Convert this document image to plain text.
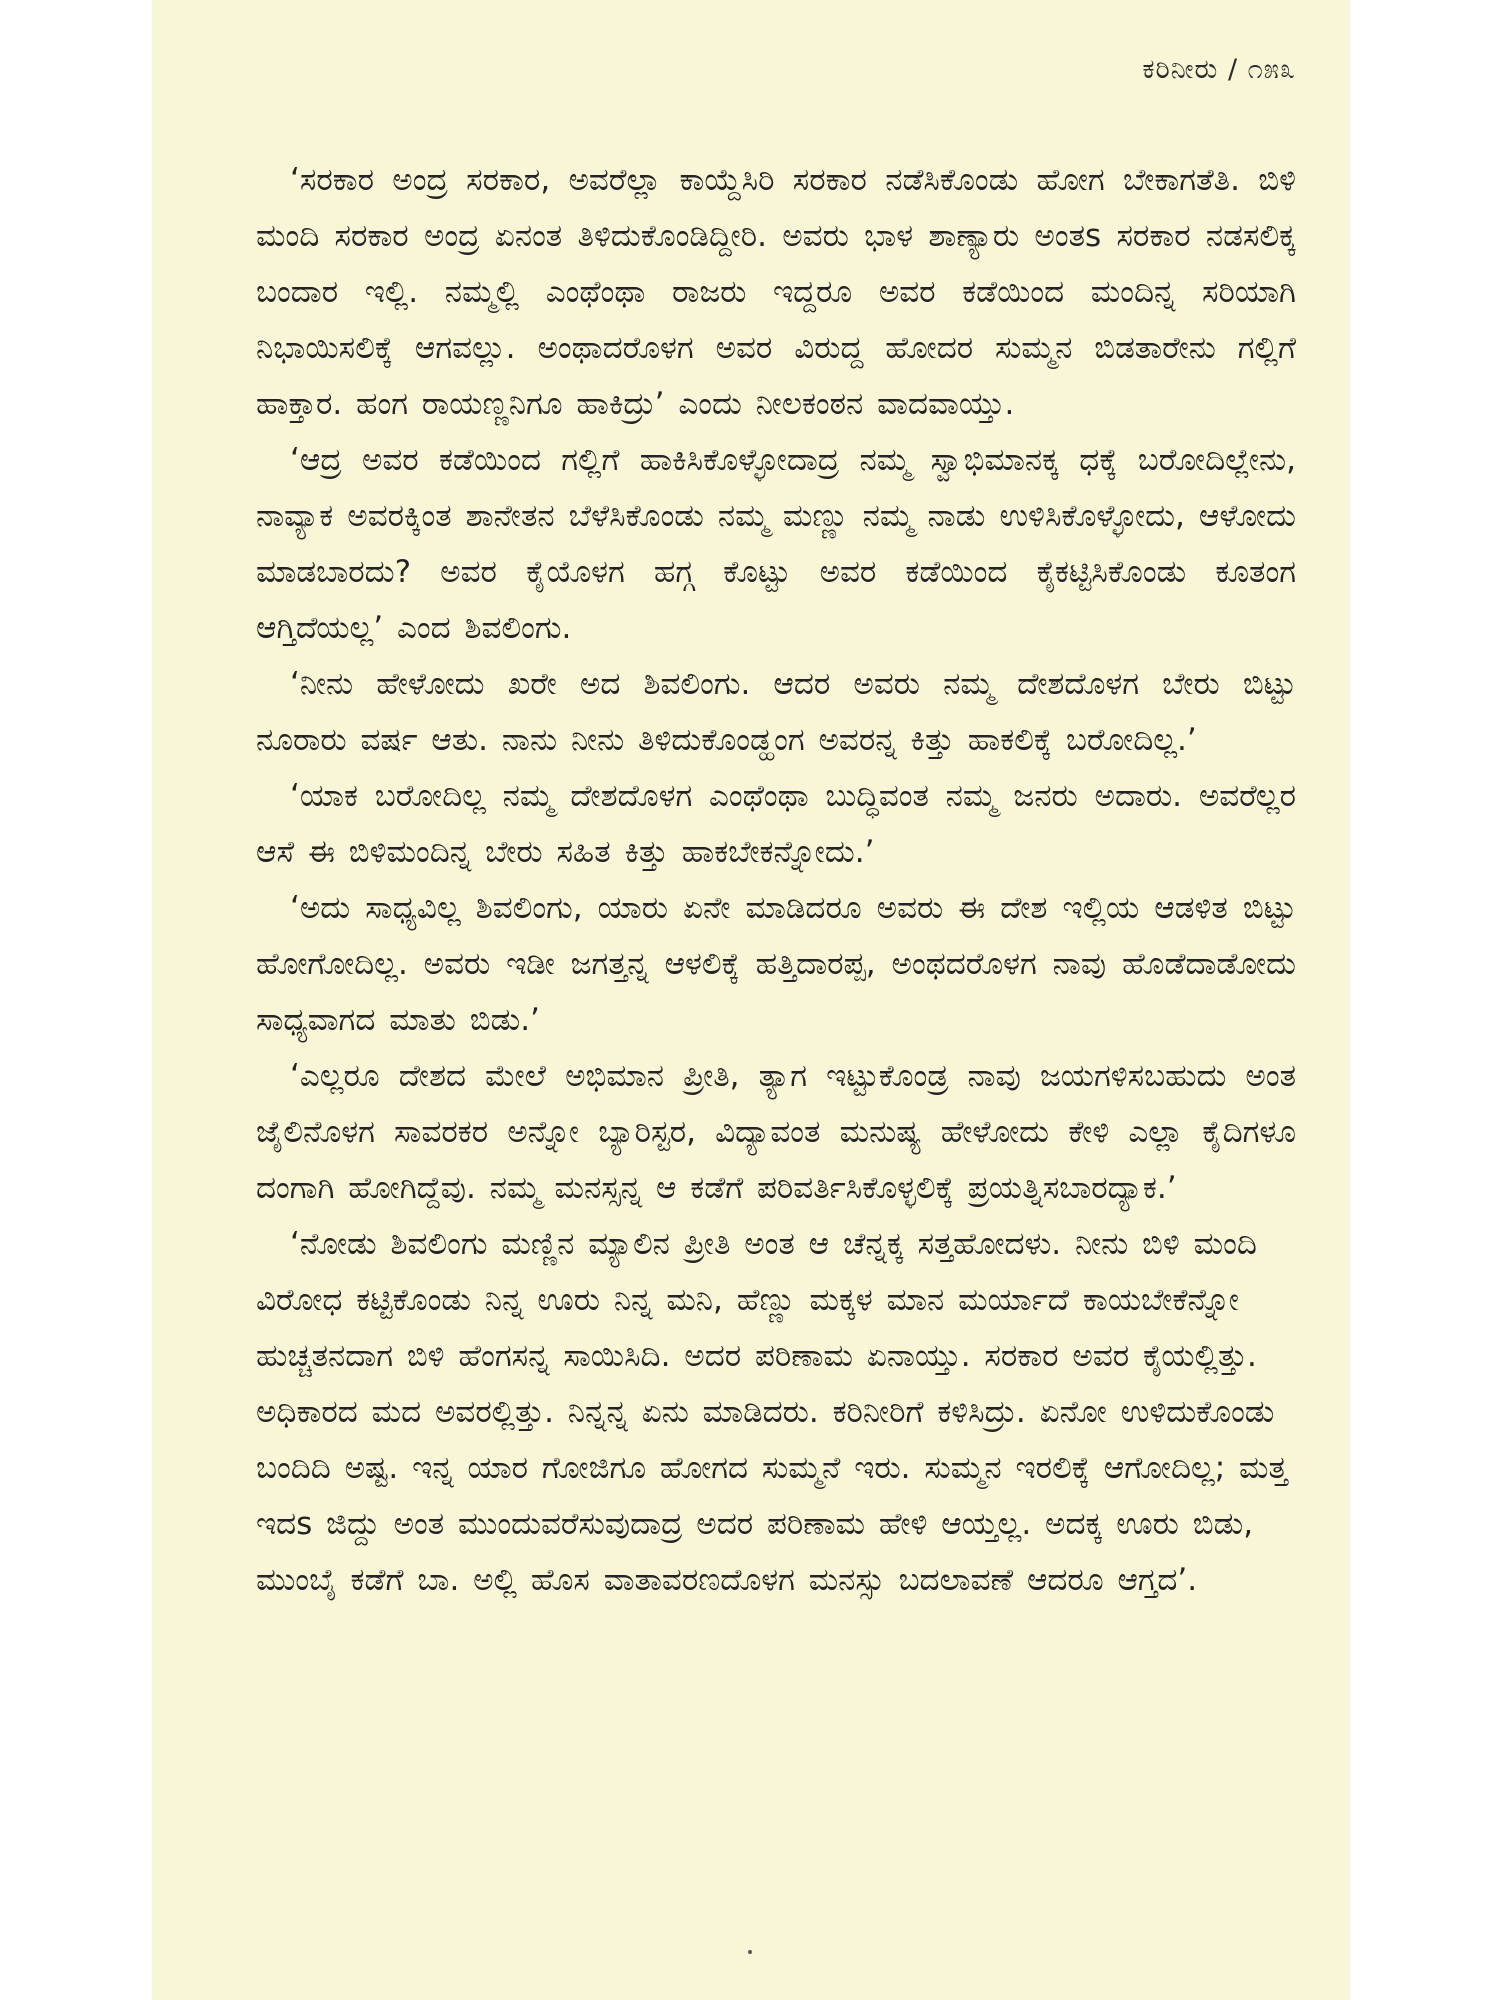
ಕರಿನೀರು / ೧೫೩

‘ಸರಕಾರ ಅಂದ್ರ ಸರಕಾರ, ಅವರೆಲ್ಲಾ ಕಾಯ್ದೆಸಿರಿ ಸರಕಾರ ನಡೆಸಿಕೊಂಡು ಹೋಗ ಬೇಕಾಗತೆತಿ. ಬಿಳಿ ಮಂದಿ ಸರಕಾರ ಅಂದ್ರ ಏನಂತ ತಿಳಿದುಕೊಂಡಿದ್ದೀರಿ. ಅವರು ಭಾಳ ಶಾಣ್ಯಾರು ಅಂತs ಸರಕಾರ ನಡಸಲಿಕ್ಕ ಬಂದಾರ ಇಲ್ಲಿ. ನಮ್ಮಲ್ಲಿ ಎಂಥೆಂಥಾ ರಾಜರು ಇದ್ದರೂ ಅವರ ಕಡೆಯಿಂದ ಮಂದಿನ್ನ ಸರಿಯಾಗಿ ನಿಭಾಯಿಸಲಿಕ್ಕೆ ಆಗವಲ್ಲು. ಅಂಥಾದರೊಳಗ ಅವರ ವಿರುದ್ದ ಹೋದರ ಸುಮ್ಮನ ಬಿಡತಾರೇನು ಗಲ್ಲಿಗೆ ಹಾಕ್ತಾರ. ಹಂಗ ರಾಯಣ್ಣನಿಗೂ ಹಾಕಿದ್ರು’ ಎಂದು ನೀಲಕಂಠನ ವಾದವಾಯ್ತು.

‘ಆದ್ರ ಅವರ ಕಡೆಯಿಂದ ಗಲ್ಲಿಗೆ ಹಾಕಿಸಿಕೊಳ್ಳೋದಾದ್ರ ನಮ್ಮ ಸ್ವಾಭಿಮಾನಕ್ಕ ಧಕ್ಕೆ ಬರೋದಿಲ್ಲೇನು, ನಾವ್ಯಾಕ ಅವರಕ್ಕಿಂತ ಶಾನೇತನ ಬೆಳೆಸಿಕೊಂಡು ನಮ್ಮ ಮಣ್ಣು ನಮ್ಮ ನಾಡು ಉಳಿಸಿಕೊಳ್ಳೋದು, ಆಳೋದು ಮಾಡಬಾರದು? ಅವರ ಕೈಯೊಳಗ ಹಗ್ಗ ಕೊಟ್ಟು ಅವರ ಕಡೆಯಿಂದ ಕೈಕಟ್ಟಿಸಿಕೊಂಡು ಕೂತಂಗ ಆಗ್ತಿದೆಯಲ್ಲ’ ಎಂದ ಶಿವಲಿಂಗು.

‘ನೀನು ಹೇಳೋದು ಖರೇ ಅದ ಶಿವಲಿಂಗು. ಆದರ ಅವರು ನಮ್ಮ ದೇಶದೊಳಗ ಬೇರು ಬಿಟ್ಟು ನೂರಾರು ವರ್ಷ ಆತು. ನಾನು ನೀನು ತಿಳಿದುಕೊಂಡ್ಹಂಗ ಅವರನ್ನ ಕಿತ್ತು ಹಾಕಲಿಕ್ಕೆ ಬರೋದಿಲ್ಲ.’

‘ಯಾಕ ಬರೋದಿಲ್ಲ ನಮ್ಮ ದೇಶದೊಳಗ ಎಂಥೆಂಥಾ ಬುದ್ಧಿವಂತ ನಮ್ಮ ಜನರು ಅದಾರು. ಅವರೆಲ್ಲರ ಆಸೆ ಈ ಬಿಳಿಮಂದಿನ್ನ ಬೇರು ಸಹಿತ ಕಿತ್ತು ಹಾಕಬೇಕನ್ನೋದು.’

‘ಅದು ಸಾಧ್ಯವಿಲ್ಲ ಶಿವಲಿಂಗು, ಯಾರು ಏನೇ ಮಾಡಿದರೂ ಅವರು ಈ ದೇಶ ಇಲ್ಲಿಯ ಆಡಳಿತ ಬಿಟ್ಟು ಹೋಗೋದಿಲ್ಲ. ಅವರು ಇಡೀ ಜಗತ್ತನ್ನ ಆಳಲಿಕ್ಕೆ ಹತ್ತಿದಾರಪ್ಪ, ಅಂಥದರೊಳಗ ನಾವು ಹೊಡೆದಾಡೋದು ಸಾಧ್ಯವಾಗದ ಮಾತು ಬಿಡು.’

‘ಎಲ್ಲರೂ ದೇಶದ ಮೇಲೆ ಅಭಿಮಾನ ಪ್ರೀತಿ, ತ್ಯಾಗ ಇಟ್ಟುಕೊಂಡ್ರ ನಾವು ಜಯಗಳಿಸಬಹುದು ಅಂತ ಜೈಲಿನೊಳಗ ಸಾವರಕರ ಅನ್ನೋ ಬ್ಯಾರಿಸ್ಟರ, ವಿದ್ಯಾವಂತ ಮನುಷ್ಯ ಹೇಳೋದು ಕೇಳಿ ಎಲ್ಲಾ ಕೈದಿಗಳೂ ದಂಗಾಗಿ ಹೋಗಿದ್ದೆವು. ನಮ್ಮ ಮನಸ್ಸನ್ನ ಆ ಕಡೆಗೆ ಪರಿವರ್ತಿಸಿಕೊಳ್ಳಲಿಕ್ಕೆ ಪ್ರಯತ್ನಿಸಬಾರದ್ಯಾಕ.’

‘ನೋಡು ಶಿವಲಿಂಗು ಮಣ್ಣಿನ ಮ್ಯಾಲಿನ ಪ್ರೀತಿ ಅಂತ ಆ ಚೆನ್ನಕ್ಕ ಸತ್ತಹೋದಳು. ನೀನು ಬಿಳಿ ಮಂದಿ ವಿರೋಧ ಕಟ್ಟಿಕೊಂಡು ನಿನ್ನ ಊರು ನಿನ್ನ ಮನಿ, ಹೆಣ್ಣು ಮಕ್ಕಳ ಮಾನ ಮರ್ಯಾದೆ ಕಾಯಬೇಕೆನ್ನೋ ಹುಚ್ಚತನದಾಗ ಬಿಳಿ ಹೆಂಗಸನ್ನ ಸಾಯಿಸಿದಿ. ಅದರ ಪರಿಣಾಮ ಏನಾಯ್ತು. ಸರಕಾರ ಅವರ ಕೈಯಲ್ಲಿತ್ತು. ಅಧಿಕಾರದ ಮದ ಅವರಲ್ಲಿತ್ತು. ನಿನ್ನನ್ನ ಏನು ಮಾಡಿದರು. ಕರಿನೀರಿಗೆ ಕಳಿಸಿದ್ರು. ಏನೋ ಉಳಿದುಕೊಂಡು ಬಂದಿದಿ ಅಷ್ಟ. ಇನ್ನ ಯಾರ ಗೋಜಿಗೂ ಹೋಗದ ಸುಮ್ಮನೆ ಇರು. ಸುಮ್ಮನ ಇರಲಿಕ್ಕೆ ಆಗೋದಿಲ್ಲ; ಮತ್ತ ಇದs ಜಿದ್ದು ಅಂತ ಮುಂದುವರೆಸುವುದಾದ್ರ ಅದರ ಪರಿಣಾಮ ಹೇಳಿ ಆಯ್ತಲ್ಲ. ಅದಕ್ಕ ಊರು ಬಿಡು, ಮುಂಬೈ ಕಡೆಗೆ ಬಾ. ಅಲ್ಲಿ ಹೊಸ ವಾತಾವರಣದೊಳಗ ಮನಸ್ಸು ಬದಲಾವಣೆ ಆದರೂ ಆಗ್ತದ’.
